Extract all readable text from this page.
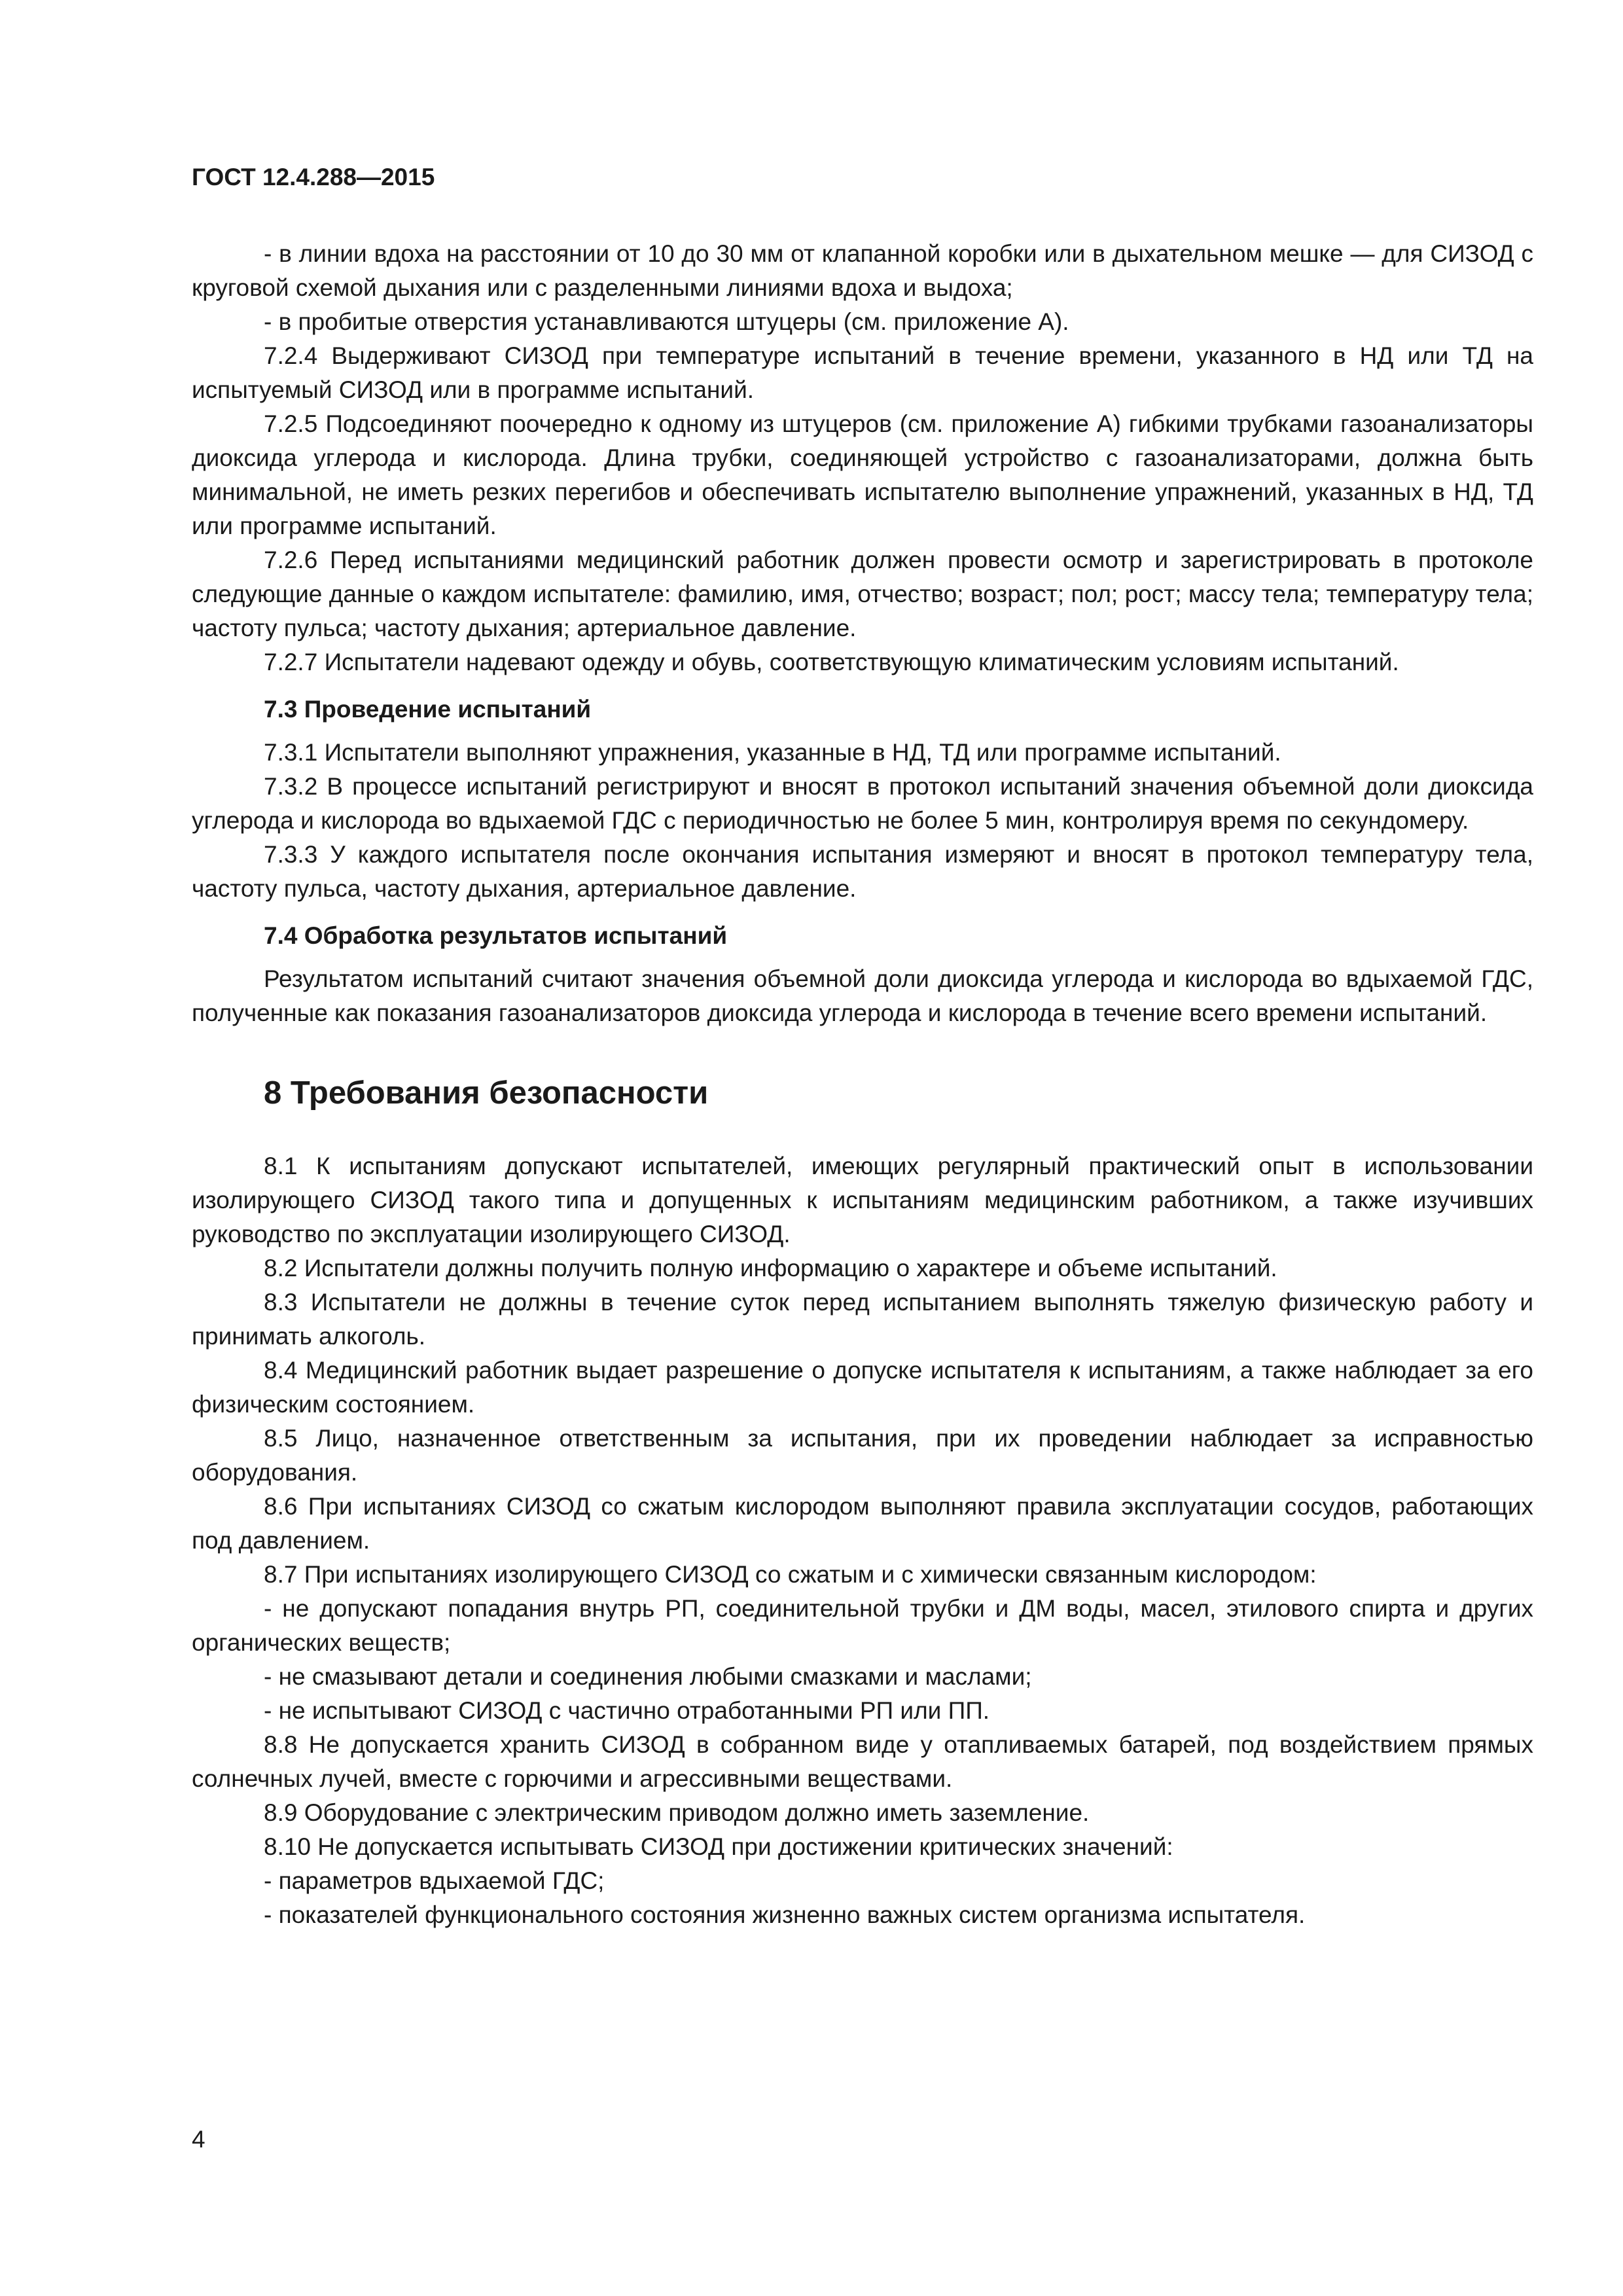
ГОСТ 12.4.288—2015

- в линии вдоха на расстоянии от 10 до 30 мм от клапанной коробки или в дыхательном мешке — для СИЗОД с круговой схемой дыхания или с разделенными линиями вдоха и выдоха;

- в пробитые отверстия устанавливаются штуцеры (см. приложение А).

7.2.4 Выдерживают СИЗОД при температуре испытаний в течение времени, указанного в НД или ТД на испытуемый СИЗОД или в программе испытаний.

7.2.5 Подсоединяют поочередно к одному из штуцеров (см. приложение А) гибкими трубками газоанализаторы диоксида углерода и кислорода. Длина трубки, соединяющей устройство с газоанализаторами, должна быть минимальной, не иметь резких перегибов и обеспечивать испытателю выполнение упражнений, указанных в НД, ТД или программе испытаний.

7.2.6 Перед испытаниями медицинский работник должен провести осмотр и зарегистрировать в протоколе следующие данные о каждом испытателе: фамилию, имя, отчество; возраст; пол; рост; массу тела; температуру тела; частоту пульса; частоту дыхания; артериальное давление.

7.2.7 Испытатели надевают одежду и обувь, соответствующую климатическим условиям испытаний.

7.3 Проведение испытаний

7.3.1 Испытатели выполняют упражнения, указанные в НД, ТД или программе испытаний.

7.3.2 В процессе испытаний регистрируют и вносят в протокол испытаний значения объемной доли диоксида углерода и кислорода во вдыхаемой ГДС с периодичностью не более 5 мин, контролируя время по секундомеру.

7.3.3 У каждого испытателя после окончания испытания измеряют и вносят в протокол температуру тела, частоту пульса, частоту дыхания, артериальное давление.

7.4 Обработка результатов испытаний

Результатом испытаний считают значения объемной доли диоксида углерода и кислорода во вдыхаемой ГДС, полученные как показания газоанализаторов диоксида углерода и кислорода в течение всего времени испытаний.

8 Требования безопасности

8.1 К испытаниям допускают испытателей, имеющих регулярный практический опыт в использовании изолирующего СИЗОД такого типа и допущенных к испытаниям медицинским работником, а также изучивших руководство по эксплуатации изолирующего СИЗОД.

8.2 Испытатели должны получить полную информацию о характере и объеме испытаний.

8.3 Испытатели не должны в течение суток перед испытанием выполнять тяжелую физическую работу и принимать алкоголь.

8.4 Медицинский работник выдает разрешение о допуске испытателя к испытаниям, а также наблюдает за его физическим состоянием.

8.5 Лицо, назначенное ответственным за испытания, при их проведении наблюдает за исправностью оборудования.

8.6 При испытаниях СИЗОД со сжатым кислородом выполняют правила эксплуатации сосудов, работающих под давлением.

8.7 При испытаниях изолирующего СИЗОД со сжатым и с химически связанным кислородом:

- не допускают попадания внутрь РП, соединительной трубки и ДМ воды, масел, этилового спирта и других органических веществ;

- не смазывают детали и соединения любыми смазками и маслами;

- не испытывают СИЗОД с частично отработанными РП или ПП.

8.8 Не допускается хранить СИЗОД в собранном виде у отапливаемых батарей, под воздействием прямых солнечных лучей, вместе с горючими и агрессивными веществами.

8.9 Оборудование с электрическим приводом должно иметь заземление.

8.10 Не допускается испытывать СИЗОД при достижении критических значений:

- параметров вдыхаемой ГДС;

- показателей функционального состояния жизненно важных систем организма испытателя.

4
